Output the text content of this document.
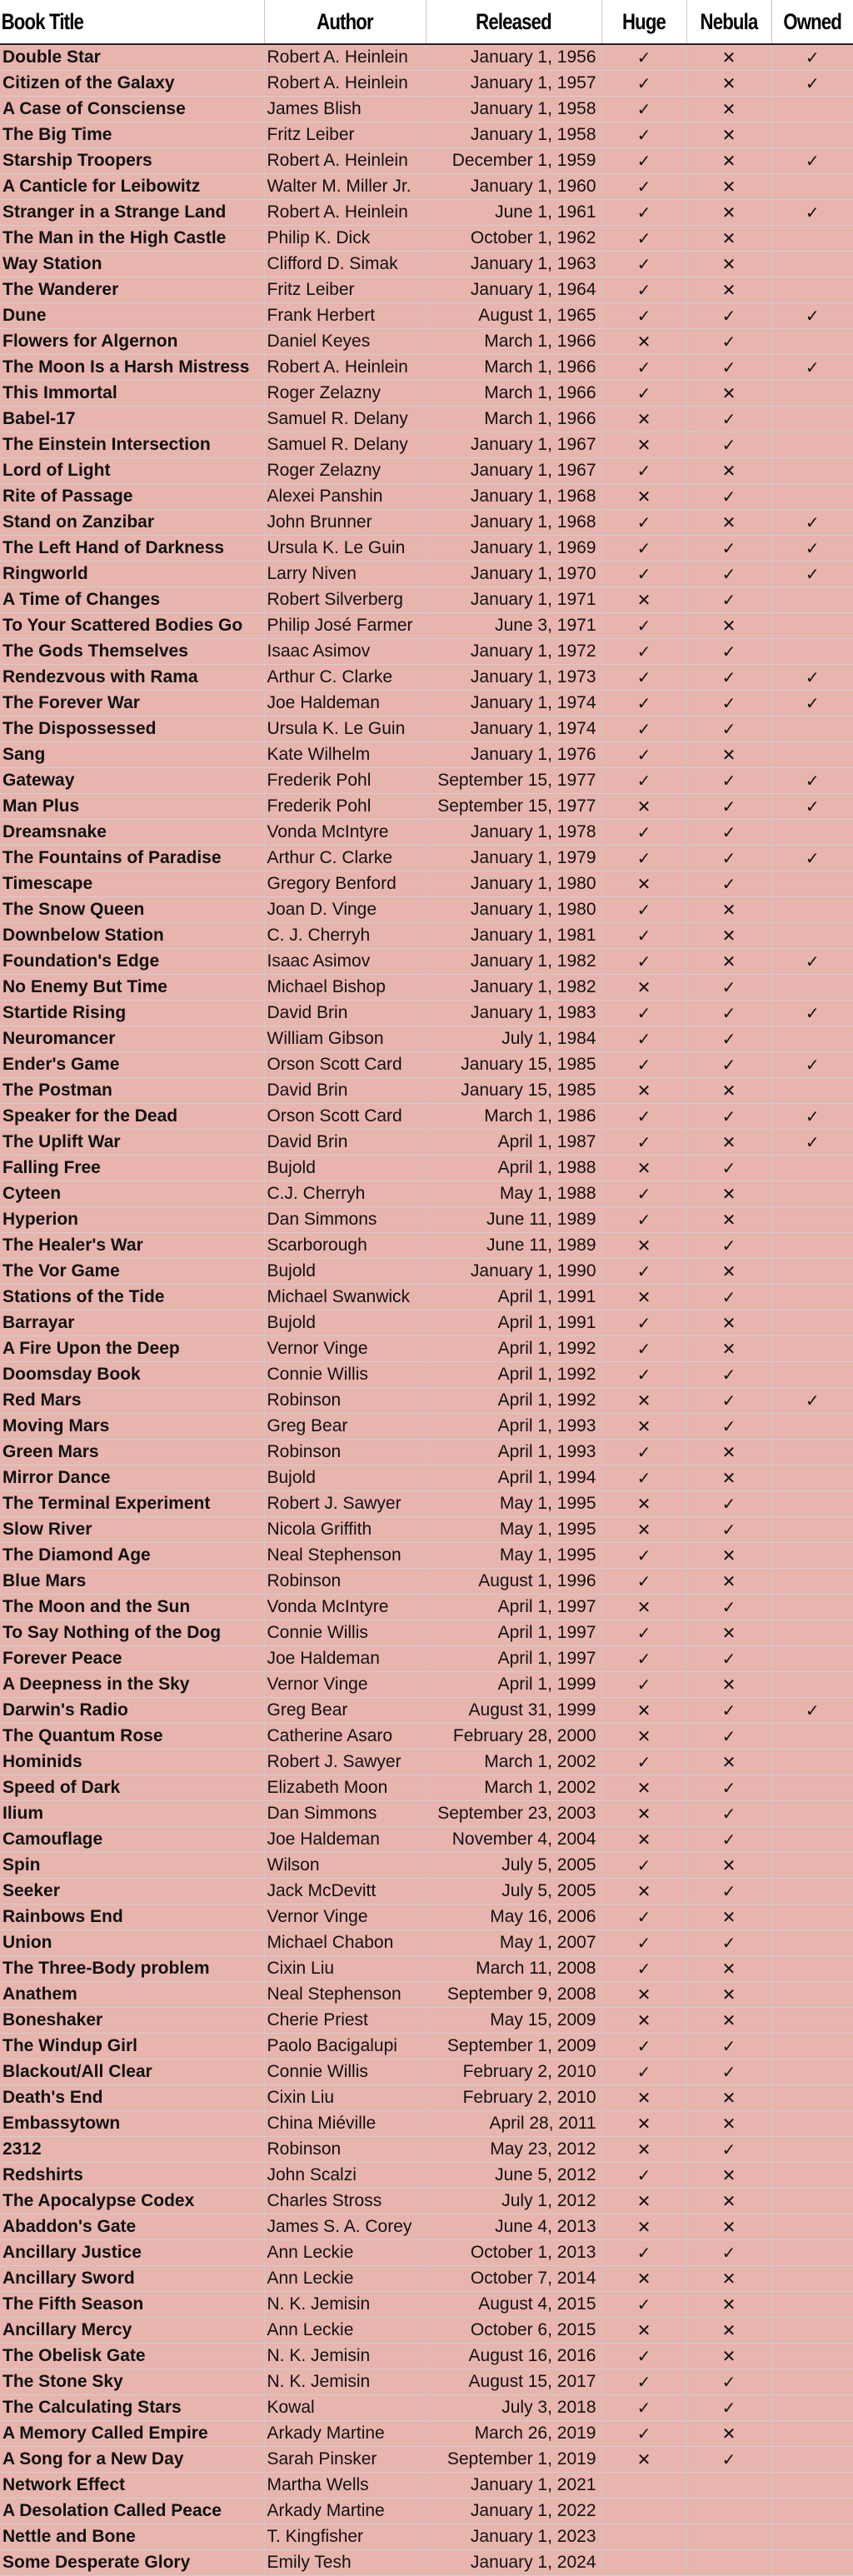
Book Title	Author	Released	Huge	Nebula	Owned
Double Star	Robert A. Heinlein	January 1, 1956	✓	✕	✓
Citizen of the Galaxy	Robert A. Heinlein	January 1, 1957	✓	✕	✓
A Case of Consciense	James Blish	January 1, 1958	✓	✕	
The Big Time	Fritz Leiber	January 1, 1958	✓	✕	
Starship Troopers	Robert A. Heinlein	December 1, 1959	✓	✕	✓
A Canticle for Leibowitz	Walter M. Miller Jr.	January 1, 1960	✓	✕	
Stranger in a Strange Land	Robert A. Heinlein	June 1, 1961	✓	✕	✓
The Man in the High Castle	Philip K. Dick	October 1, 1962	✓	✕	
Way Station	Clifford D. Simak	January 1, 1963	✓	✕	
The Wanderer	Fritz Leiber	January 1, 1964	✓	✕	
Dune	Frank Herbert	August 1, 1965	✓	✓	✓
Flowers for Algernon	Daniel Keyes	March 1, 1966	✕	✓	
The Moon Is a Harsh Mistress	Robert A. Heinlein	March 1, 1966	✓	✓	✓
This Immortal	Roger Zelazny	March 1, 1966	✓	✕	
Babel-17	Samuel R. Delany	March 1, 1966	✕	✓	
The Einstein Intersection	Samuel R. Delany	January 1, 1967	✕	✓	
Lord of Light	Roger Zelazny	January 1, 1967	✓	✕	
Rite of Passage	Alexei Panshin	January 1, 1968	✕	✓	
Stand on Zanzibar	John Brunner	January 1, 1968	✓	✕	✓
The Left Hand of Darkness	Ursula K. Le Guin	January 1, 1969	✓	✓	✓
Ringworld	Larry Niven	January 1, 1970	✓	✓	✓
A Time of Changes	Robert Silverberg	January 1, 1971	✕	✓	
To Your Scattered Bodies Go	Philip José Farmer	June 3, 1971	✓	✕	
The Gods Themselves	Isaac Asimov	January 1, 1972	✓	✓	
Rendezvous with Rama	Arthur C. Clarke	January 1, 1973	✓	✓	✓
The Forever War	Joe Haldeman	January 1, 1974	✓	✓	✓
The Dispossessed	Ursula K. Le Guin	January 1, 1974	✓	✓	
Sang	Kate Wilhelm	January 1, 1976	✓	✕	
Gateway	Frederik Pohl	September 15, 1977	✓	✓	✓
Man Plus	Frederik Pohl	September 15, 1977	✕	✓	✓
Dreamsnake	Vonda McIntyre	January 1, 1978	✓	✓	
The Fountains of Paradise	Arthur C. Clarke	January 1, 1979	✓	✓	✓
Timescape	Gregory Benford	January 1, 1980	✕	✓	
The Snow Queen	Joan D. Vinge	January 1, 1980	✓	✕	
Downbelow Station	C. J. Cherryh	January 1, 1981	✓	✕	
Foundation's Edge	Isaac Asimov	January 1, 1982	✓	✕	✓
No Enemy But Time	Michael Bishop	January 1, 1982	✕	✓	
Startide Rising	David Brin	January 1, 1983	✓	✓	✓
Neuromancer	William Gibson	July 1, 1984	✓	✓	
Ender's Game	Orson Scott Card	January 15, 1985	✓	✓	✓
The Postman	David Brin	January 15, 1985	✕	✕	
Speaker for the Dead	Orson Scott Card	March 1, 1986	✓	✓	✓
The Uplift War	David Brin	April 1, 1987	✓	✕	✓
Falling Free	Bujold	April 1, 1988	✕	✓	
Cyteen	C.J. Cherryh	May 1, 1988	✓	✕	
Hyperion	Dan Simmons	June 11, 1989	✓	✕	
The Healer's War	Scarborough	June 11, 1989	✕	✓	
The Vor Game	Bujold	January 1, 1990	✓	✕	
Stations of the Tide	Michael Swanwick	April 1, 1991	✕	✓	
Barrayar	Bujold	April 1, 1991	✓	✕	
A Fire Upon the Deep	Vernor Vinge	April 1, 1992	✓	✕	
Doomsday Book	Connie Willis	April 1, 1992	✓	✓	
Red Mars	Robinson	April 1, 1992	✕	✓	✓
Moving Mars	Greg Bear	April 1, 1993	✕	✓	
Green Mars	Robinson	April 1, 1993	✓	✕	
Mirror Dance	Bujold	April 1, 1994	✓	✕	
The Terminal Experiment	Robert J. Sawyer	May 1, 1995	✕	✓	
Slow River	Nicola Griffith	May 1, 1995	✕	✓	
The Diamond Age	Neal Stephenson	May 1, 1995	✓	✕	
Blue Mars	Robinson	August 1, 1996	✓	✕	
The Moon and the Sun	Vonda McIntyre	April 1, 1997	✕	✓	
To Say Nothing of the Dog	Connie Willis	April 1, 1997	✓	✕	
Forever Peace	Joe Haldeman	April 1, 1997	✓	✓	
A Deepness in the Sky	Vernor Vinge	April 1, 1999	✓	✕	
Darwin's Radio	Greg Bear	August 31, 1999	✕	✓	✓
The Quantum Rose	Catherine Asaro	February 28, 2000	✕	✓	
Hominids	Robert J. Sawyer	March 1, 2002	✓	✕	
Speed of Dark	Elizabeth Moon	March 1, 2002	✕	✓	
Ilium	Dan Simmons	September 23, 2003	✕	✓	
Camouflage	Joe Haldeman	November 4, 2004	✕	✓	
Spin	Wilson	July 5, 2005	✓	✕	
Seeker	Jack McDevitt	July 5, 2005	✕	✓	
Rainbows End	Vernor Vinge	May 16, 2006	✓	✕	
Union	Michael Chabon	May 1, 2007	✓	✓	
The Three-Body problem	Cixin Liu	March 11, 2008	✓	✕	
Anathem	Neal Stephenson	September 9, 2008	✕	✕	
Boneshaker	Cherie Priest	May 15, 2009	✕	✕	
The Windup Girl	Paolo Bacigalupi	September 1, 2009	✓	✓	
Blackout/All Clear	Connie Willis	February 2, 2010	✓	✓	
Death's End	Cixin Liu	February 2, 2010	✕	✕	
Embassytown	China Miéville	April 28, 2011	✕	✕	
2312	Robinson	May 23, 2012	✕	✓	
Redshirts	John Scalzi	June 5, 2012	✓	✕	
The Apocalypse Codex	Charles Stross	July 1, 2012	✕	✕	
Abaddon's Gate	James S. A. Corey	June 4, 2013	✕	✕	
Ancillary Justice	Ann Leckie	October 1, 2013	✓	✓	
Ancillary Sword	Ann Leckie	October 7, 2014	✕	✕	
The Fifth Season	N. K. Jemisin	August 4, 2015	✓	✕	
Ancillary Mercy	Ann Leckie	October 6, 2015	✕	✕	
The Obelisk Gate	N. K. Jemisin	August 16, 2016	✓	✕	
The Stone Sky	N. K. Jemisin	August 15, 2017	✓	✓	
The Calculating Stars	Kowal	July 3, 2018	✓	✓	
A Memory Called Empire	Arkady Martine	March 26, 2019	✓	✕	
A Song for a New Day	Sarah Pinsker	September 1, 2019	✕	✓	
Network Effect	Martha Wells	January 1, 2021			
A Desolation Called Peace	Arkady Martine	January 1, 2022			
Nettle and Bone	T. Kingfisher	January 1, 2023			
Some Desperate Glory	Emily Tesh	January 1, 2024			
